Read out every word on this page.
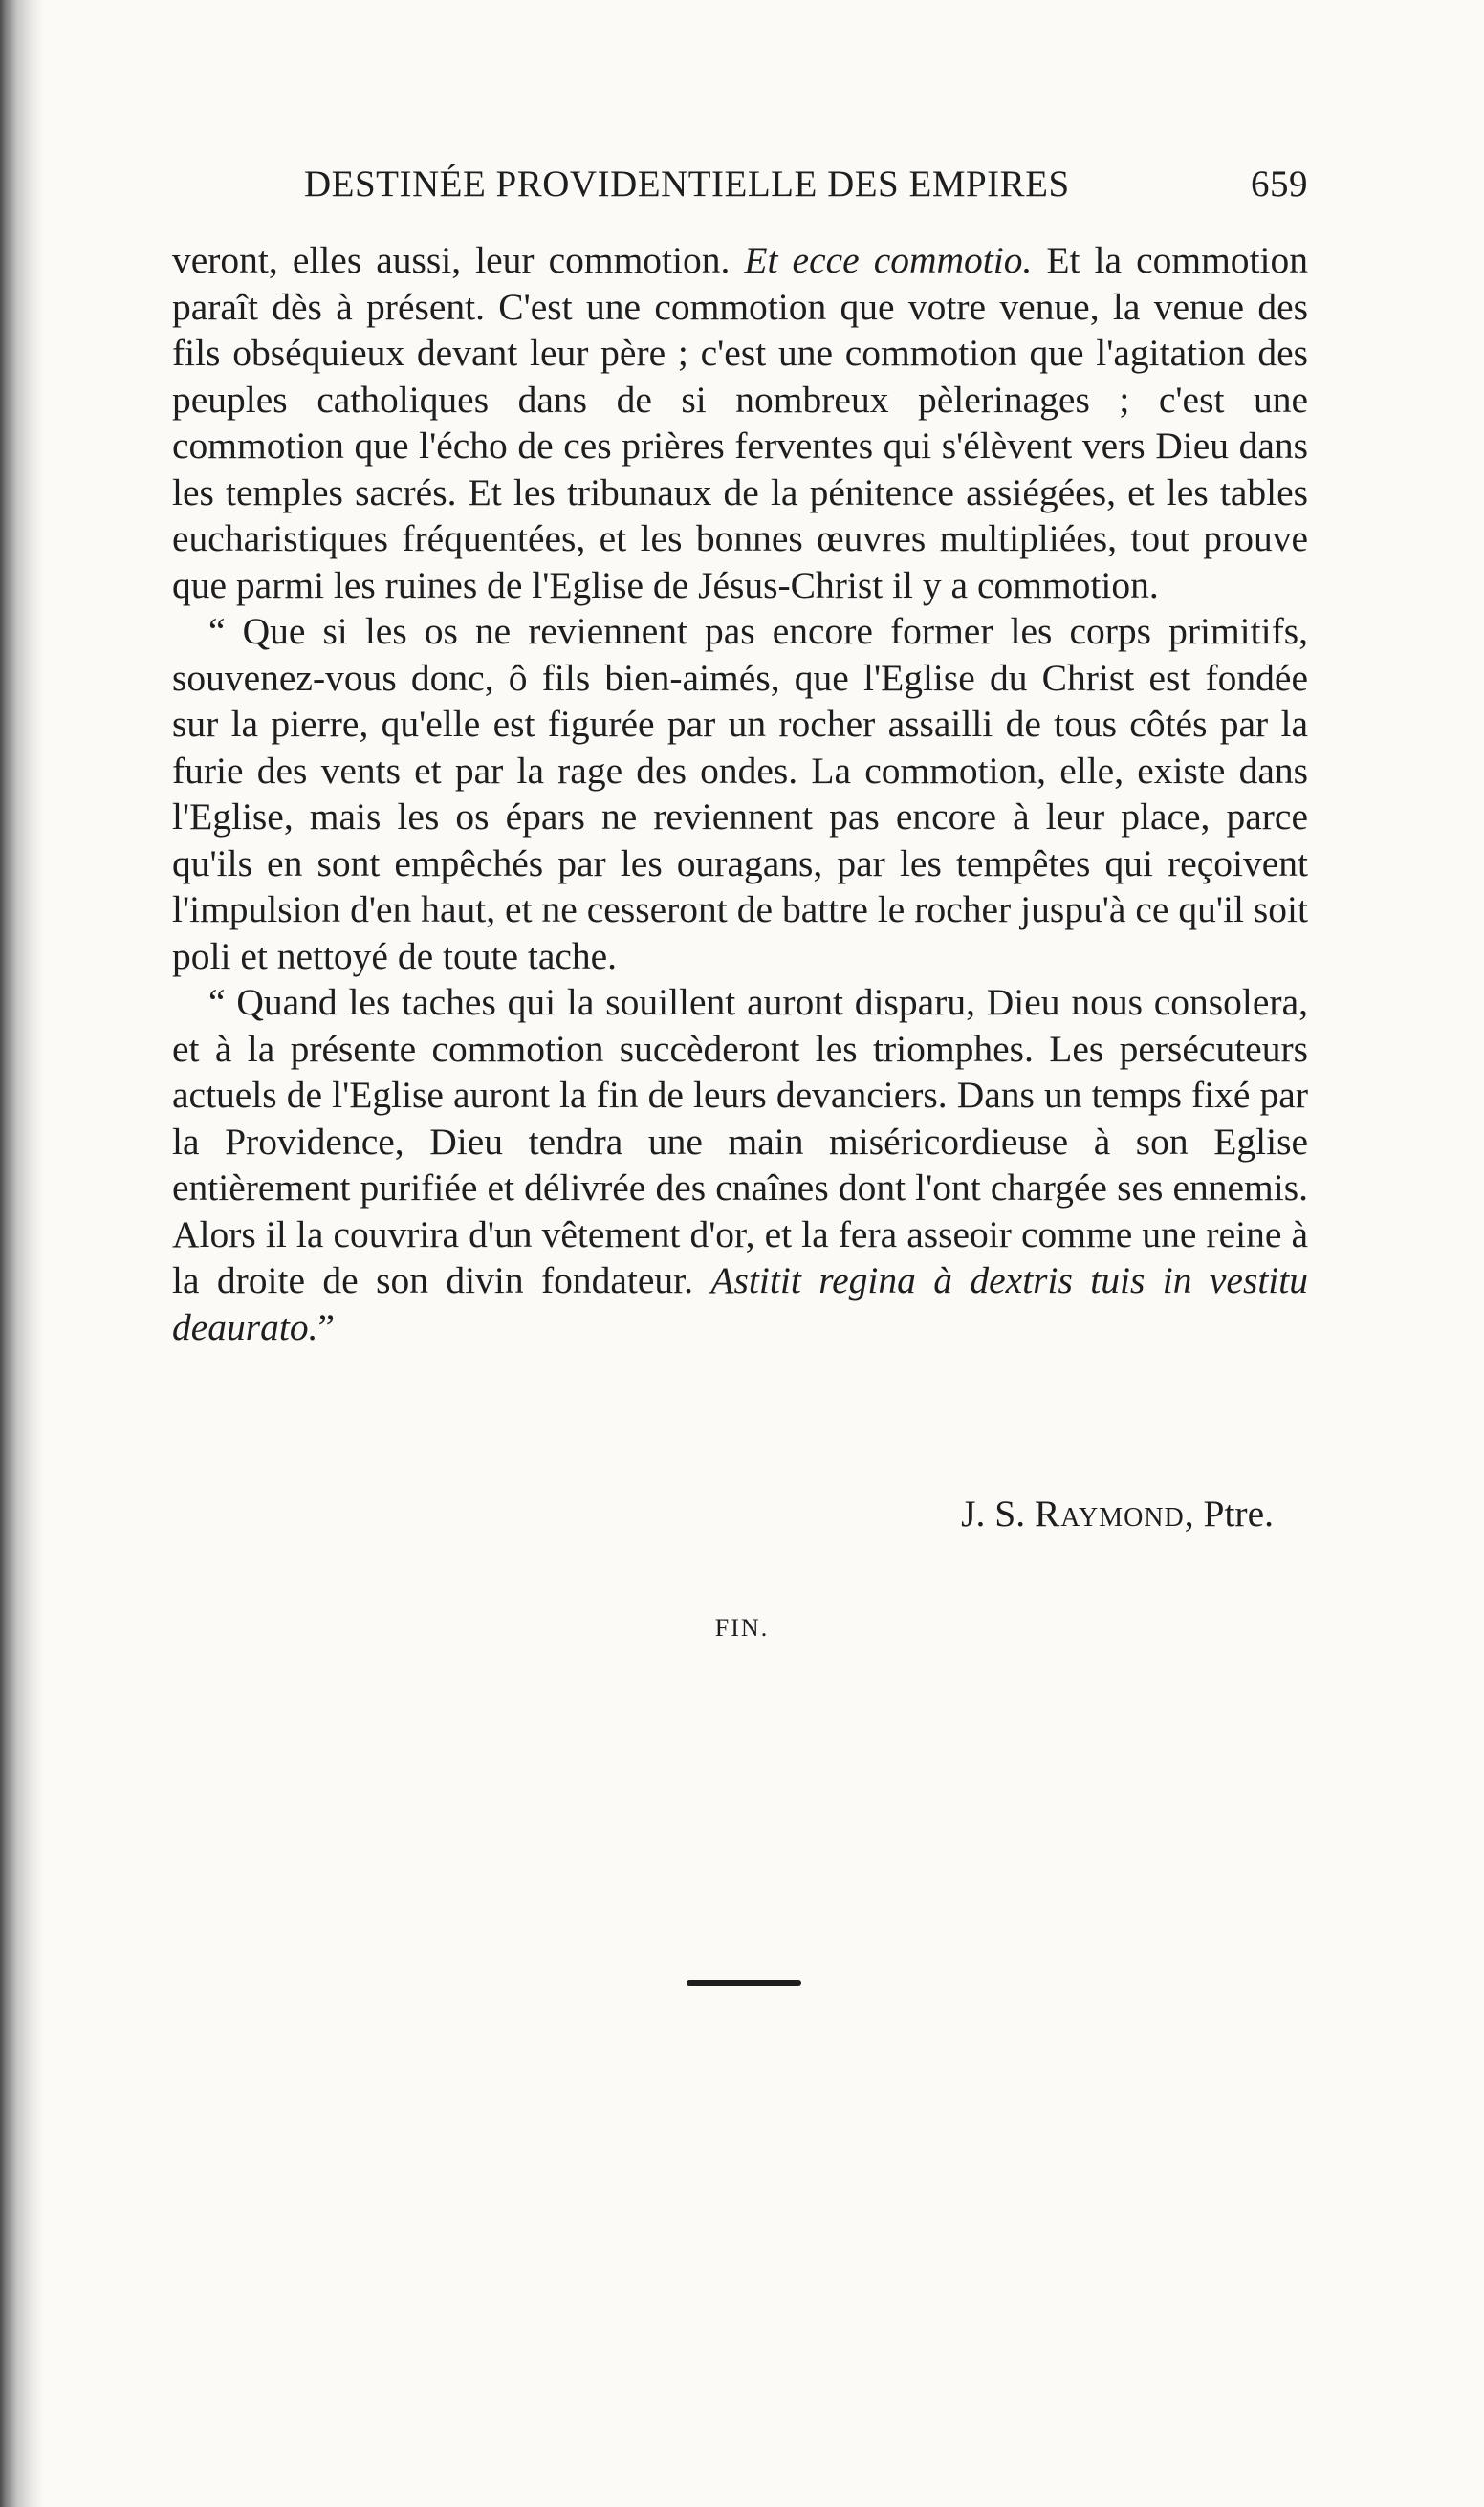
DESTINÉE PROVIDENTIELLE DES EMPIRES	659

veront, elles aussi, leur commotion. Et ecce commotio. Et la commotion paraît dès à présent. C'est une commotion que votre venue, la venue des fils obséquieux devant leur père ; c'est une commotion que l'agitation des peuples catholiques dans de si nombreux pèlerinages ; c'est une commotion que l'écho de ces prières ferventes qui s'élèvent vers Dieu dans les temples sacrés. Et les tribunaux de la pénitence assiégées, et les tables eucharistiques fréquentées, et les bonnes œuvres multipliées, tout prouve que parmi les ruines de l'Eglise de Jésus-Christ il y a commotion.

“ Que si les os ne reviennent pas encore former les corps primitifs, souvenez-vous donc, ô fils bien-aimés, que l'Eglise du Christ est fondée sur la pierre, qu'elle est figurée par un rocher assailli de tous côtés par la furie des vents et par la rage des ondes. La commotion, elle, existe dans l'Eglise, mais les os épars ne reviennent pas encore à leur place, parce qu'ils en sont empêchés par les ouragans, par les tempêtes qui reçoivent l'impulsion d'en haut, et ne cesseront de battre le rocher juspu'à ce qu'il soit poli et nettoyé de toute tache.

“ Quand les taches qui la souillent auront disparu, Dieu nous consolera, et à la présente commotion succèderont les triomphes. Les persécuteurs actuels de l'Eglise auront la fin de leurs devanciers. Dans un temps fixé par la Providence, Dieu tendra une main miséricordieuse à son Eglise entièrement purifiée et délivrée des cnaînes dont l'ont chargée ses ennemis. Alors il la couvrira d'un vêtement d'or, et la fera asseoir comme une reine à la droite de son divin fondateur. Astitit regina à dextris tuis in vestitu deaurato.”

J. S. Raymond, Ptre.
FIN.
